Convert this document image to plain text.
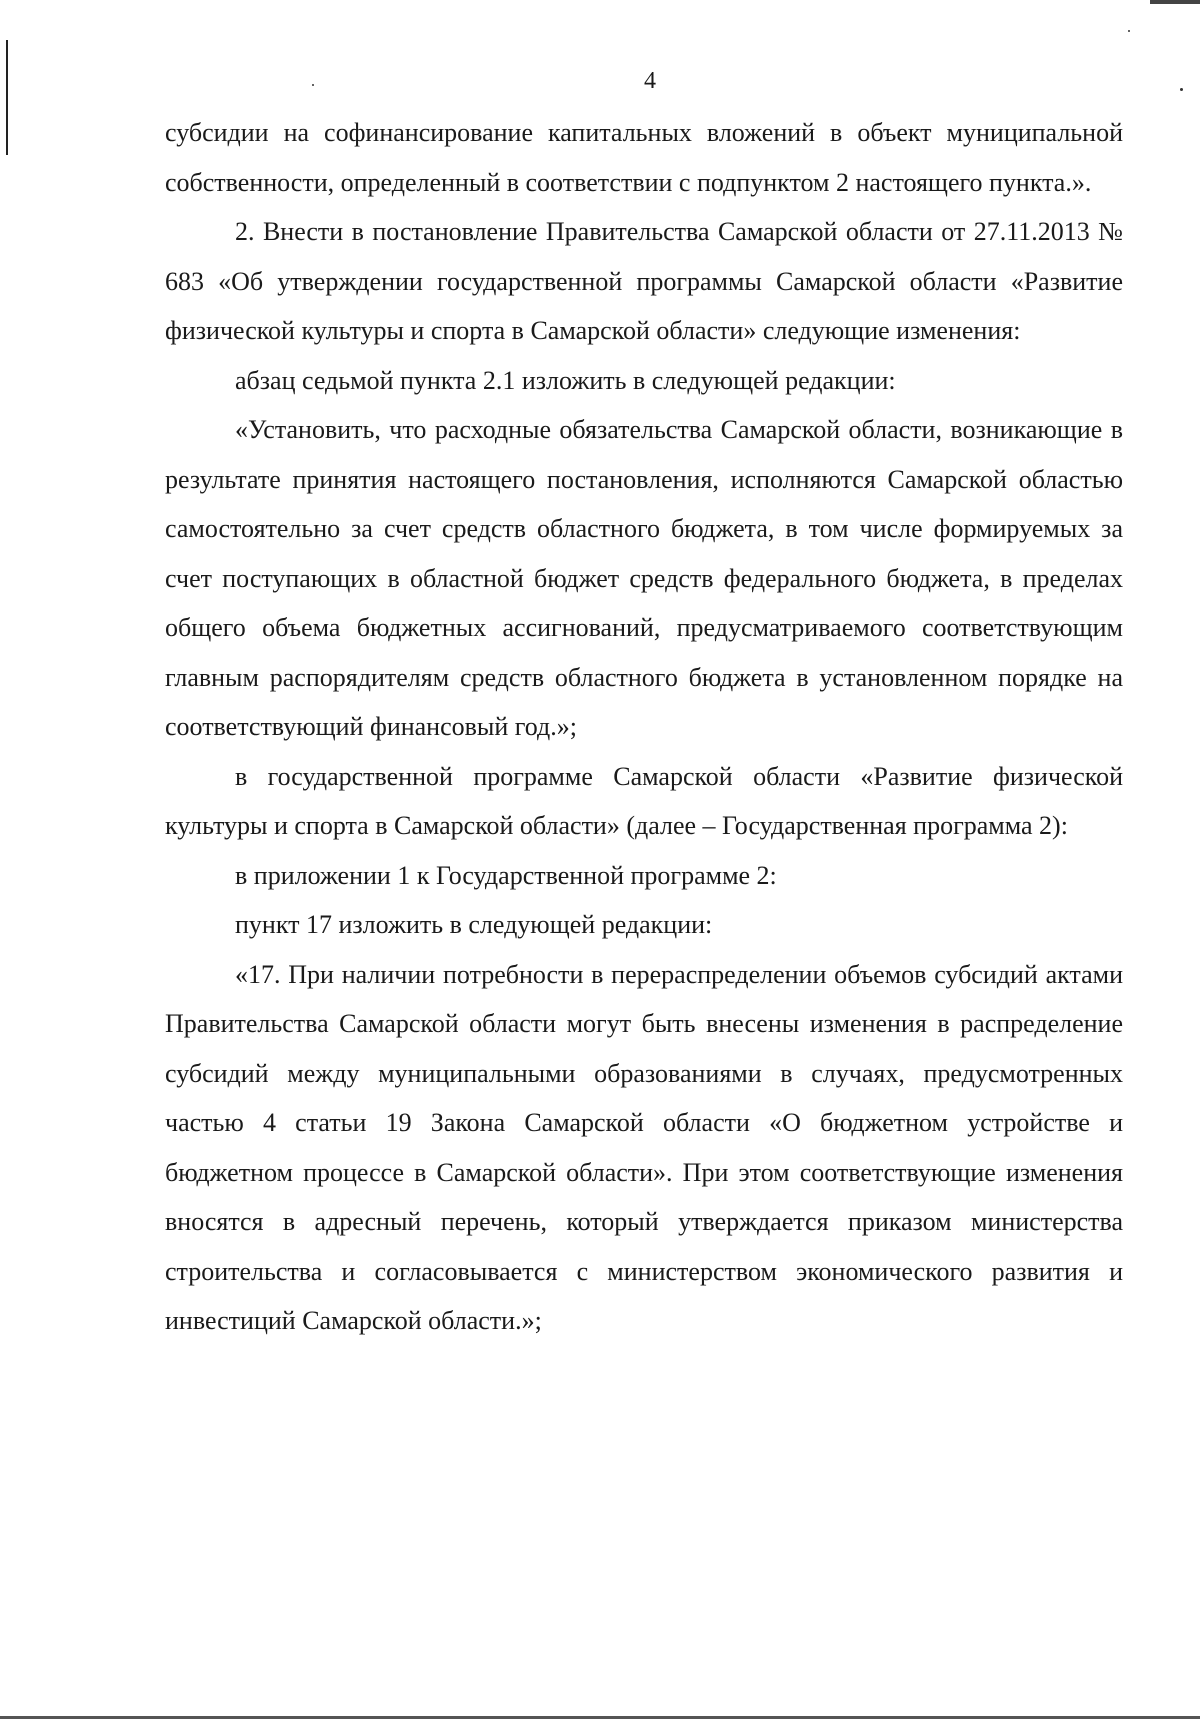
4

субсидии на софинансирование капитальных вложений в объект муниципальной собственности, определенный в соответствии с подпунктом 2 настоящего пункта.».

2. Внести в постановление Правительства Самарской области от 27.11.2013 № 683 «Об утверждении государственной программы Самарской области «Развитие физической культуры и спорта в Самарской области» следующие изменения:

абзац седьмой пункта 2.1 изложить в следующей редакции:

«Установить, что расходные обязательства Самарской области, возникающие в результате принятия настоящего постановления, исполняются Самарской областью самостоятельно за счет средств областного бюджета, в том числе формируемых за счет поступающих в областной бюджет средств федерального бюджета, в пределах общего объема бюджетных ассигнований, предусматриваемого соответствующим главным распорядителям средств областного бюджета в установленном порядке на соответствующий финансовый год.»;

в государственной программе Самарской области «Развитие физической культуры и спорта в Самарской области» (далее – Государственная программа 2):

в приложении 1 к Государственной программе 2:

пункт 17 изложить в следующей редакции:

«17. При наличии потребности в перераспределении объемов субсидий актами Правительства Самарской области могут быть внесены изменения в распределение субсидий между муниципальными образованиями в случаях, предусмотренных частью 4 статьи 19 Закона Самарской области «О бюджетном устройстве и бюджетном процессе в Самарской области». При этом соответствующие изменения вносятся в адресный перечень, который утверждается приказом министерства строительства и согласовывается с министерством экономического развития и инвестиций Самарской области.»;
